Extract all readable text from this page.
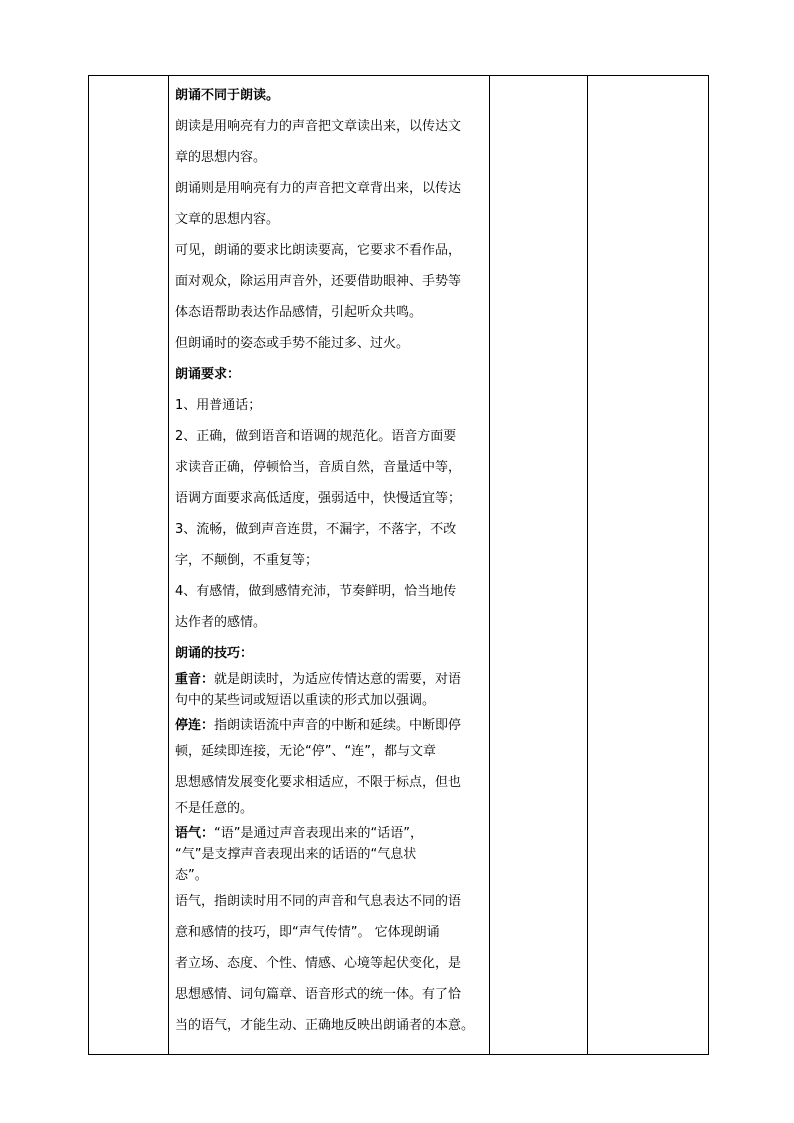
朗诵不同于朗读。

朗读是用响亮有力的声音把文章读出来，以传达文

章的思想内容。

朗诵则是用响亮有力的声音把文章背出来，以传达

文章的思想内容。

可见，朗诵的要求比朗读要高，它要求不看作品，

面对观众，除运用声音外，还要借助眼神、手势等

体态语帮助表达作品感情，引起听众共鸣。

但朗诵时的姿态或手势不能过多、过火。

朗诵要求：

1、用普通话；

2、正确，做到语音和语调的规范化。语音方面要

求读音正确，停顿恰当，音质自然，音量适中等，

语调方面要求高低适度，强弱适中，快慢适宜等；

3、流畅，做到声音连贯，不漏字，不落字，不改

字，不颠倒，不重复等；

4、有感情，做到感情充沛，节奏鲜明，恰当地传

达作者的感情。

朗诵的技巧：

重音：就是朗读时，为适应传情达意的需要，对语

句中的某些词或短语以重读的形式加以强调。

停连：指朗读语流中声音的中断和延续。中断即停

顿，延续即连接，无论“停”、“连”，都与文章

思想感情发展变化要求相适应，不限于标点，但也

不是任意的。

语气：“语”是通过声音表现出来的“话语”，

“气”是支撑声音表现出来的话语的“气息状

态”。

语气，指朗读时用不同的声音和气息表达不同的语

意和感情的技巧，即“声气传情”。 它体现朗诵

者立场、态度、个性、情感、心境等起伏变化，是

思想感情、词句篇章、语音形式的统一体。有了恰

当的语气，才能生动、正确地反映出朗诵者的本意。
